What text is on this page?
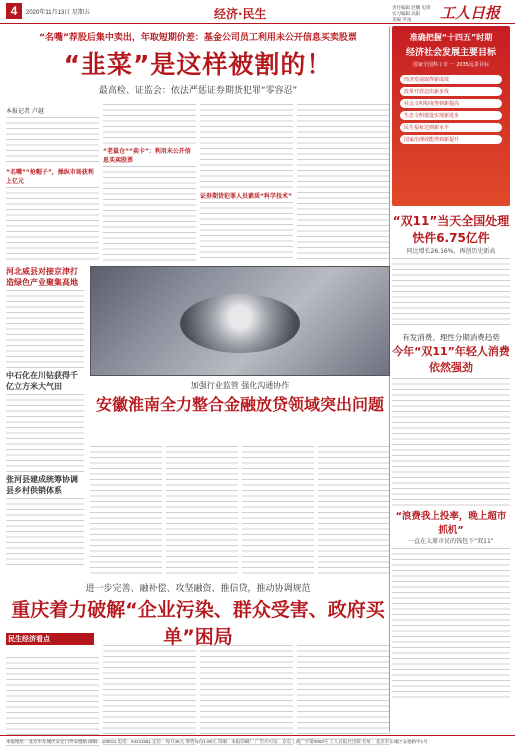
4	2020年11月13日 星期五	经济·民生	责任编辑 赵鹏 史锋
实习编辑 高阳
美编 罗凌	工人日报
“名嘴”荐股后集中卖出，年取短期价差：基金公司员工利用未公开信息买卖股票
“韭菜”是这样被割的！
最高检、证监会：依法严惩证券期货犯罪“零容忍”
本报记者 卢越
“名嘴”“抢帽子”，操纵市场获利上亿元
“老鼠仓”“卖卡”：利用未公开信息买卖股票
证券期货犯罪人员素质“科学技术”
河北威县对接京津打造绿色产业聚集高地
中石化在川钻获得千亿立方米大气田
张河县建成统筹协调县乡村供销体系
加强行业监管 强化沟通协作
安徽淮南全力整合金融放贷领域突出问题
进一步完善、融补偿、攻坚融资、推信贷，推动协调规范
重庆着力破解“企业污染、群众受害、政府买单”困局
民生经济看点
准确把握“十四五”时期
经济社会发展主要目标
国家全国科工专 一 2035远景目标
经济发展取得新成效
改革开放迈出新步伐
社会文明程度得到新提高
生态文明建设实现新进步
民生福祉达到新水平
国家治理效能得到新提升
“双11”当天全国处理快件6.75亿件
同比增长26.16%，再创历史新高
有发消费、理性分期消费趋势
今年“双11”年轻人消费依然强劲
“浪费我上投率，晚上超市抓机”
一直在太原市民的钱包下“双11”
本报地址：北京市东城区安定门外安德路 邮编：100011 电话：64211561 定价：每月36元 零售每份1.80元 印刷：本报印刷厂 广告许可证：京东工商广字第0063号 工人日报社出版 社址：北京市东城区安德路甲1号
